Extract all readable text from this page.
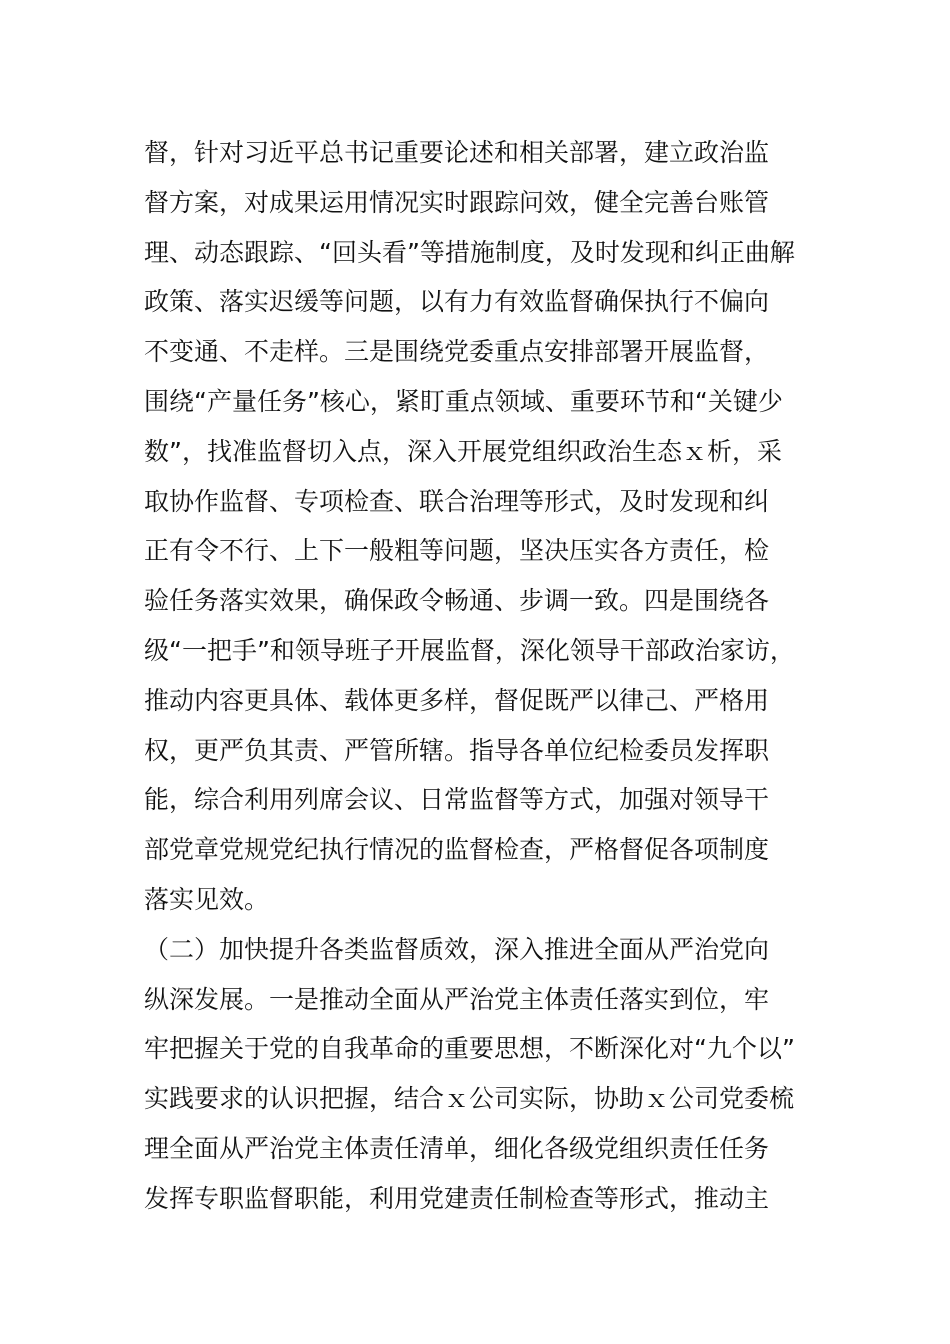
督，针对习近平总书记重要论述和相关部署，建立政治监
督方案，对成果运用情况实时跟踪问效，健全完善台账管
理、动态跟踪、“回头看”等措施制度，及时发现和纠正曲解
政策、落实迟缓等问题，以有力有效监督确保执行不偏向
不变通、不走样。三是围绕党委重点安排部署开展监督，
围绕“产量任务”核心，紧盯重点领域、重要环节和“关键少
数”，找准监督切入点，深入开展党组织政治生态ｘ析，采
取协作监督、专项检查、联合治理等形式，及时发现和纠
正有令不行、上下一般粗等问题，坚决压实各方责任，检
验任务落实效果，确保政令畅通、步调一致。四是围绕各
级“一把手”和领导班子开展监督，深化领导干部政治家访，
推动内容更具体、载体更多样，督促既严以律己、严格用
权，更严负其责、严管所辖。指导各单位纪检委员发挥职
能，综合利用列席会议、日常监督等方式，加强对领导干
部党章党规党纪执行情况的监督检查，严格督促各项制度
落实见效。
（二）加快提升各类监督质效，深入推进全面从严治党向
纵深发展。一是推动全面从严治党主体责任落实到位，牢
牢把握关于党的自我革命的重要思想，不断深化对“九个以”
实践要求的认识把握，结合ｘ公司实际，协助ｘ公司党委梳
理全面从严治党主体责任清单，细化各级党组织责任任务
发挥专职监督职能，利用党建责任制检查等形式，推动主
